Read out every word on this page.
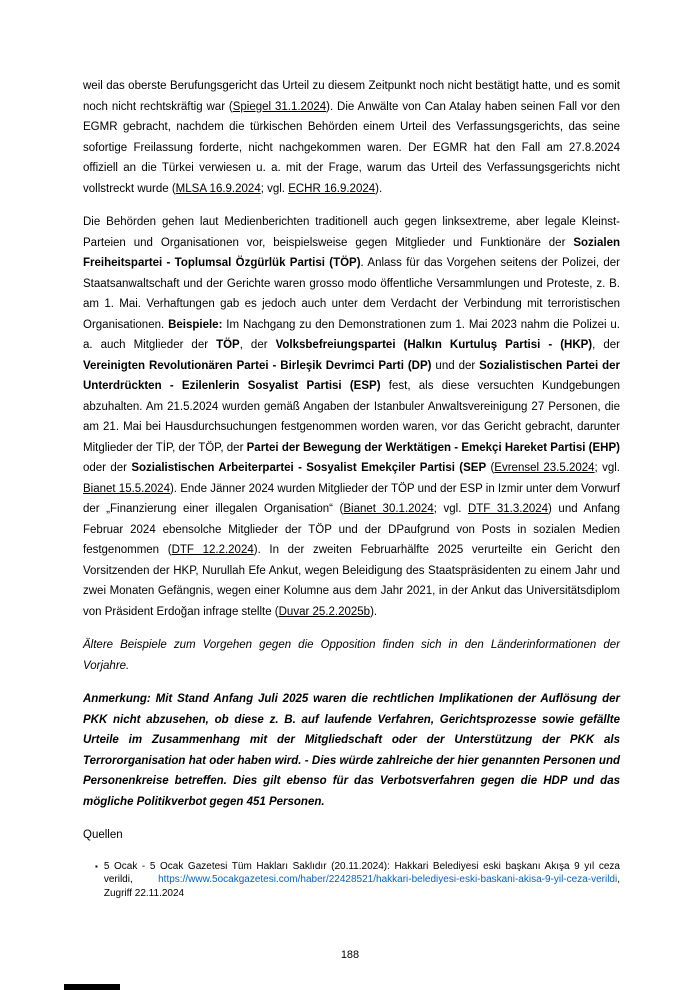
weil das oberste Berufungsgericht das Urteil zu diesem Zeitpunkt noch nicht bestätigt hatte, und es somit noch nicht rechtskräftig war (Spiegel 31.1.2024). Die Anwälte von Can Atalay haben seinen Fall vor den EGMR gebracht, nachdem die türkischen Behörden einem Urteil des Verfassungsgerichts, das seine sofortige Freilassung forderte, nicht nachgekommen waren. Der EGMR hat den Fall am 27.8.2024 offiziell an die Türkei verwiesen u. a. mit der Frage, warum das Urteil des Verfassungsgerichts nicht vollstreckt wurde (MLSA 16.9.2024; vgl. ECHR 16.9.2024).

Die Behörden gehen laut Medienberichten traditionell auch gegen linksextreme, aber legale Kleinst-Parteien und Organisationen vor, beispielsweise gegen Mitglieder und Funktionäre der Sozialen Freiheitspartei - Toplumsal Özgürlük Partisi (TÖP). Anlass für das Vorgehen seitens der Polizei, der Staatsanwaltschaft und der Gerichte waren grosso modo öffentliche Versammlungen und Proteste, z. B. am 1. Mai. Verhaftungen gab es jedoch auch unter dem Verdacht der Verbindung mit terroristischen Organisationen. Beispiele: Im Nachgang zu den Demonstrationen zum 1. Mai 2023 nahm die Polizei u. a. auch Mitglieder der TÖP, der Volksbefreiungspartei (Halkın Kurtuluş Partisi - (HKP), der Vereinigten Revolutionären Partei - Birleşik Devrimci Parti (DP) und der Sozialistischen Partei der Unterdrückten - Ezilenlerin Sosyalist Partisi (ESP) fest, als diese versuchten Kundgebungen abzuhalten. Am 21.5.2024 wurden gemäß Angaben der Istanbuler Anwaltsvereinigung 27 Personen, die am 21. Mai bei Hausdurchsuchungen festgenommen worden waren, vor das Gericht gebracht, darunter Mitglieder der TİP, der TÖP, der Partei der Bewegung der Werktätigen - Emekçi Hareket Partisi (EHP) oder der Sozialistischen Arbeiterpartei - Sosyalist Emekçiler Partisi (SEP (Evrensel 23.5.2024; vgl. Bianet 15.5.2024). Ende Jänner 2024 wurden Mitglieder der TÖP und der ESP in Izmir unter dem Vorwurf der „Finanzierung einer illegalen Organisation“ (Bianet 30.1.2024; vgl. DTF 31.3.2024) und Anfang Februar 2024 ebensolche Mitglieder der TÖP und der DPaufgrund von Posts in sozialen Medien festgenommen (DTF 12.2.2024). In der zweiten Februarhälfte 2025 verurteilte ein Gericht den Vorsitzenden der HKP, Nurullah Efe Ankut, wegen Beleidigung des Staatspräsidenten zu einem Jahr und zwei Monaten Gefängnis, wegen einer Kolumne aus dem Jahr 2021, in der Ankut das Universitätsdiplom von Präsident Erdoğan infrage stellte (Duvar 25.2.2025b).

Ältere Beispiele zum Vorgehen gegen die Opposition finden sich in den Länderinformationen der Vorjahre.

Anmerkung: Mit Stand Anfang Juli 2025 waren die rechtlichen Implikationen der Auflösung der PKK nicht abzusehen, ob diese z. B. auf laufende Verfahren, Gerichtsprozesse sowie gefällte Urteile im Zusammenhang mit der Mitgliedschaft oder der Unterstützung der PKK als Terrororganisation hat oder haben wird. - Dies würde zahlreiche der hier genannten Personen und Personenkreise betreffen. Dies gilt ebenso für das Verbotsverfahren gegen die HDP und das mögliche Politikverbot gegen 451 Personen.

Quellen
▪ 5 Ocak - 5 Ocak Gazetesi Tüm Hakları Saklıdır (20.11.2024): Hakkari Belediyesi eski başkanı Akışa 9 yıl ceza verildi, https://www.5ocakgazetesi.com/haber/22428521/hakkari-belediyesi-eski-baskani-akisa-9-yil-ceza-verildi, Zugriff 22.11.2024
188
